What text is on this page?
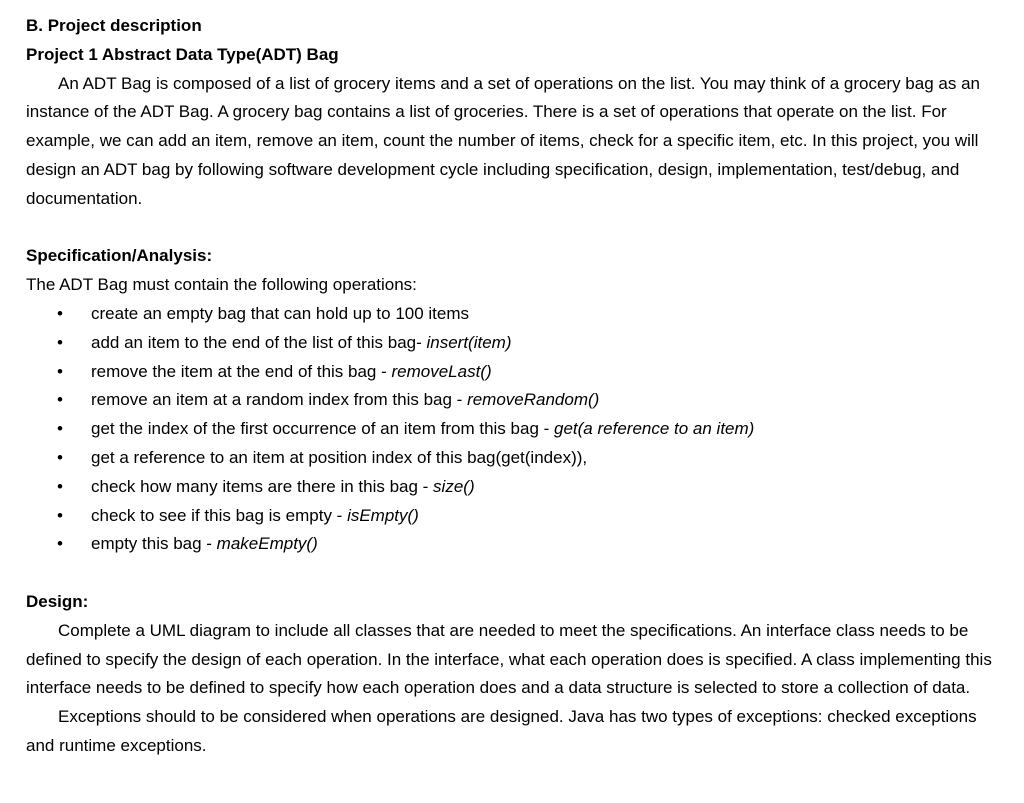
B. Project description

Project 1 Abstract Data Type(ADT) Bag

An ADT Bag is composed of a list of grocery items and a set of operations on the list. You may think of a grocery bag as an instance of the ADT Bag. A grocery bag contains a list of groceries. There is a set of operations that operate on the list. For example, we can add an item, remove an item, count the number of items, check for a specific item, etc. In this project, you will design an ADT bag by following software development cycle including specification, design, implementation, test/debug, and documentation.

Specification/Analysis:

The ADT Bag must contain the following operations:

• create an empty bag that can hold up to 100 items
• add an item to the end of the list of this bag- insert(item)
• remove the item at the end of this bag - removeLast()
• remove an item at a random index from this bag - removeRandom()
• get the index of the first occurrence of an item from this bag - get(a reference to an item)
• get a reference to an item at position index of this bag(get(index)),
• check how many items are there in this bag - size()
• check to see if this bag is empty - isEmpty()
• empty this bag - makeEmpty()

Design:

Complete a UML diagram to include all classes that are needed to meet the specifications. An interface class needs to be defined to specify the design of each operation. In the interface, what each operation does is specified. A class implementing this interface needs to be defined to specify how each operation does and a data structure is selected to store a collection of data.

Exceptions should to be considered when operations are designed. Java has two types of exceptions: checked exceptions and runtime exceptions.
